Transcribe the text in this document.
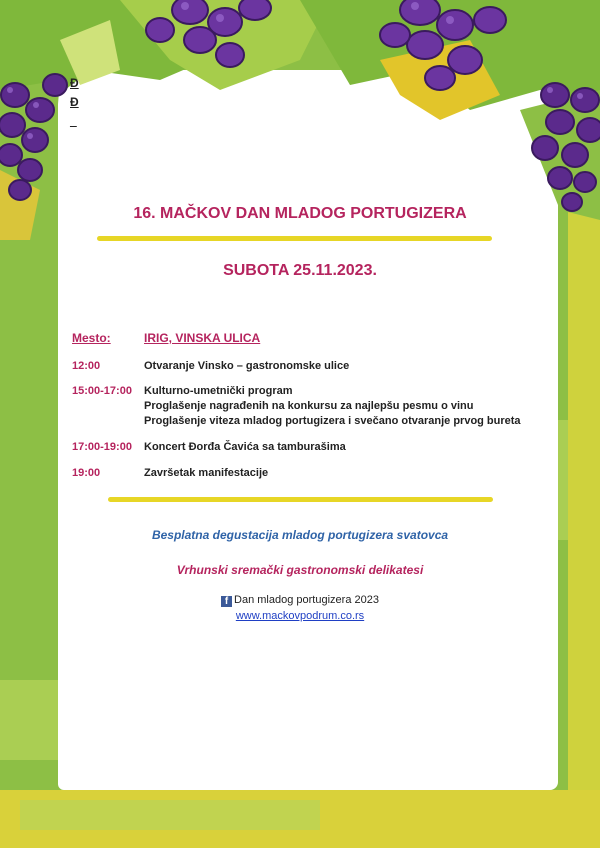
Đ
Đ
_
16. MAČKOV DAN MLADOG PORTUGIZERA
SUBOTA 25.11.2023.
Mesto:	IRIG, VINSKA ULICA
12:00	Otvaranje Vinsko – gastronomske ulice
15:00-17:00	Kulturno-umetnički program
Proglašenje nagrađenih na konkursu za najlepšu pesmu o vinu
Proglašenje viteza mladog portugizera i svečano otvaranje prvog bureta
17:00-19:00	Koncert Đorđa Čavića sa tamburašima
19:00	Završetak manifestacije
Besplatna degustacija mladog portugizera svatovca
Vrhunski sremački gastronomski delikatesi
f Dan mladog portugizera 2023
www.mackovpodrum.co.rs
